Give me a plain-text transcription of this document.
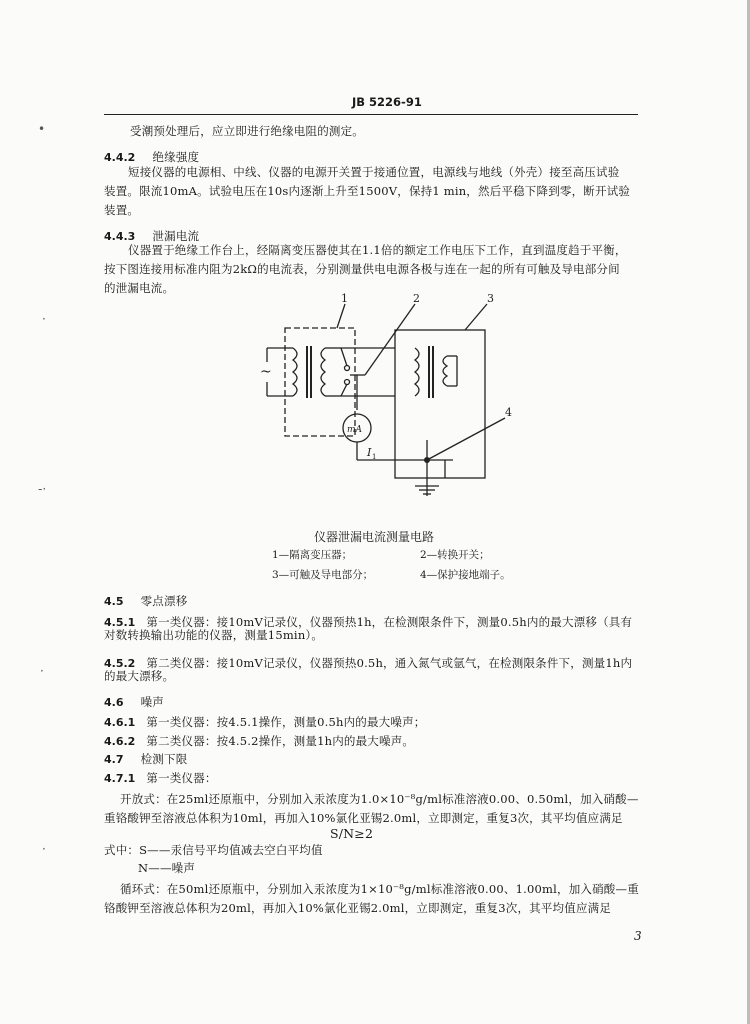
•
·
-·
·
·
JB 5226-91
受潮预处理后，应立即进行绝缘电阻的测定。
4.4.2 绝缘强度
短接仪器的电源相、中线、仪器的电源开关置于接通位置，电源线与地线（外壳）接至高压试验
装置。限流10mA。试验电压在10s内逐渐上升至1500V，保持1 min，然后平稳下降到零，断开试验
装置。
4.4.3 泄漏电流
仪器置于绝缘工作台上，经隔离变压器使其在1.1倍的额定工作电压下工作，直到温度趋于平衡，
按下图连接用标准内阻为2kΩ的电流表，分别测量供电电源各极与连在一起的所有可触及导电部分间
的泄漏电流。
1	2	3
4
mA
I 1
~
仪器泄漏电流测量电路
1—隔离变压器；	2—转换开关；
3—可触及导电部分；	4—保护接地端子。
4.5 零点漂移
4.5.1 第一类仪器：接10mV记录仪，仪器预热1h，在检测限条件下，测量0.5h内的最大漂移（具有
对数转换输出功能的仪器，测量15min）。
4.5.2 第二类仪器：接10mV记录仪，仪器预热0.5h，通入氮气或氩气，在检测限条件下，测量1h内
的最大漂移。
4.6 噪声
4.6.1 第一类仪器：按4.5.1操作，测量0.5h内的最大噪声；
4.6.2 第二类仪器：按4.5.2操作，测量1h内的最大噪声。
4.7 检测下限
4.7.1 第一类仪器：
开放式：在25ml还原瓶中，分别加入汞浓度为1.0×10⁻⁸g/ml标准溶液0.00、0.50ml，加入硝酸—
重铬酸钾至溶液总体积为10ml，再加入10%氯化亚锡2.0ml，立即测定，重复3次，其平均值应满足
S/N≥2
式中：S——汞信号平均值减去空白平均值
N——噪声
循环式：在50ml还原瓶中，分别加入汞浓度为1×10⁻⁸g/ml标准溶液0.00、1.00ml，加入硝酸—重
铬酸钾至溶液总体积为20ml，再加入10%氯化亚锡2.0ml，立即测定，重复3次，其平均值应满足
3
